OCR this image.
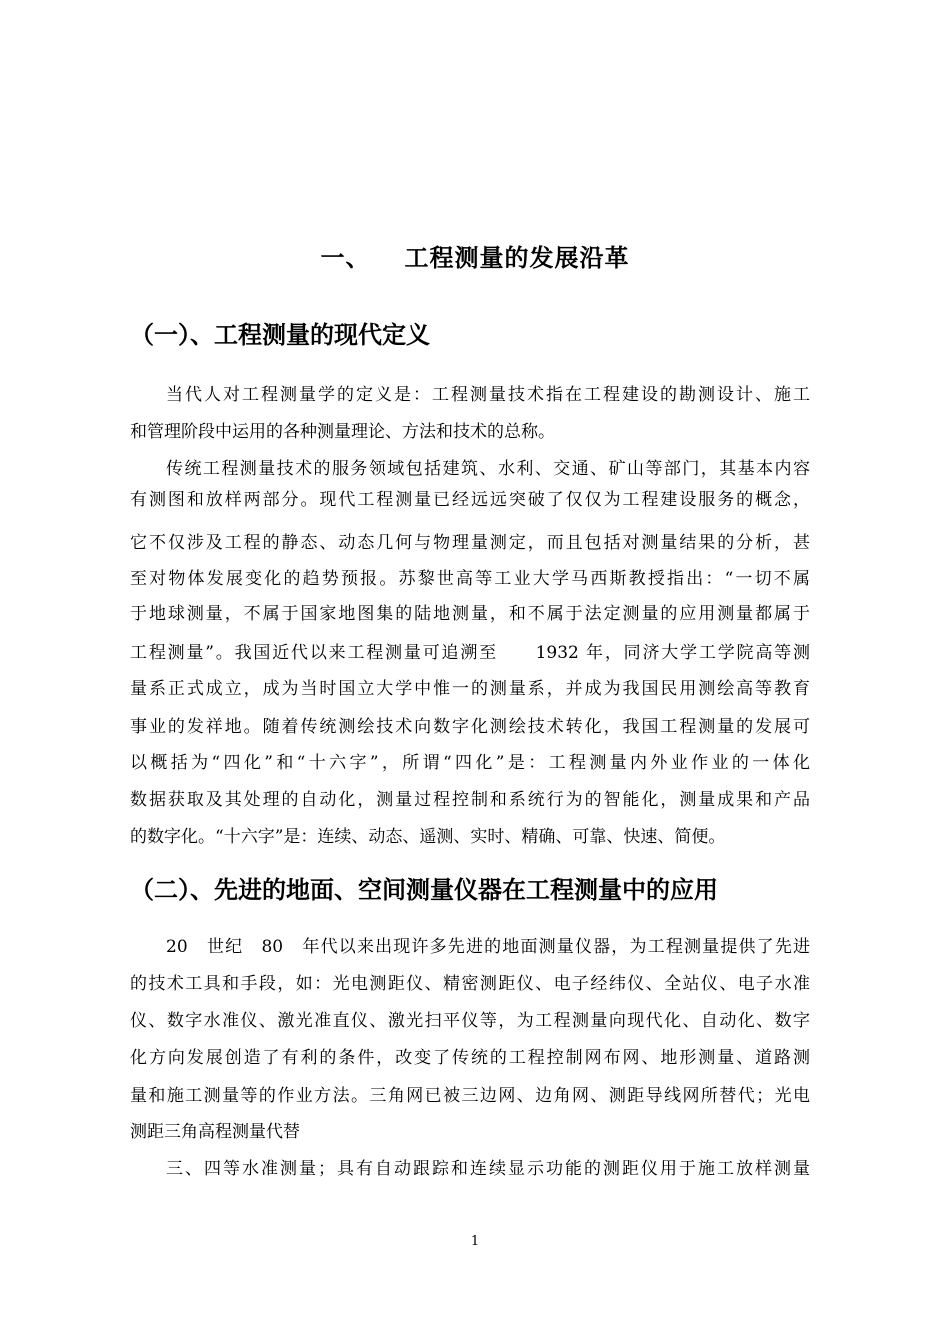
一、 工程测量的发展沿革
（一）、工程测量的现代定义
当代人对工程测量学的定义是：工程测量技术指在工程建设的勘测设计、施工
和管理阶段中运用的各种测量理论、方法和技术的总称。
传统工程测量技术的服务领域包括建筑、水利、交通、矿山等部门，其基本内容
有测图和放样两部分。现代工程测量已经远远突破了仅仅为工程建设服务的概念，
它不仅涉及工程的静态、动态几何与物理量测定，而且包括对测量结果的分析，甚
至对物体发展变化的趋势预报。苏黎世高等工业大学马西斯教授指出：“一切不属
于地球测量，不属于国家地图集的陆地测量，和不属于法定测量的应用测量都属于
工程测量”。我国近代以来工程测量可追溯至　　1932 年，同济大学工学院高等测
量系正式成立，成为当时国立大学中惟一的测量系，并成为我国民用测绘高等教育
事业的发祥地。随着传统测绘技术向数字化测绘技术转化，我国工程测量的发展可
以概括为“四化”和“十六字”，所谓“四化”是：工程测量内外业作业的一体化
数据获取及其处理的自动化，测量过程控制和系统行为的智能化，测量成果和产品
的数字化。“十六字”是：连续、动态、遥测、实时、精确、可靠、快速、简便。
（二）、先进的地面、空间测量仪器在工程测量中的应用
20　世纪　80　年代以来出现许多先进的地面测量仪器，为工程测量提供了先进
的技术工具和手段，如：光电测距仪、精密测距仪、电子经纬仪、全站仪、电子水准
仪、数字水准仪、激光准直仪、激光扫平仪等，为工程测量向现代化、自动化、数字
化方向发展创造了有利的条件，改变了传统的工程控制网布网、地形测量、道路测
量和施工测量等的作业方法。三角网已被三边网、边角网、测距导线网所替代；光电
测距三角高程测量代替
三、四等水准测量；具有自动跟踪和连续显示功能的测距仪用于施工放样测量
1
